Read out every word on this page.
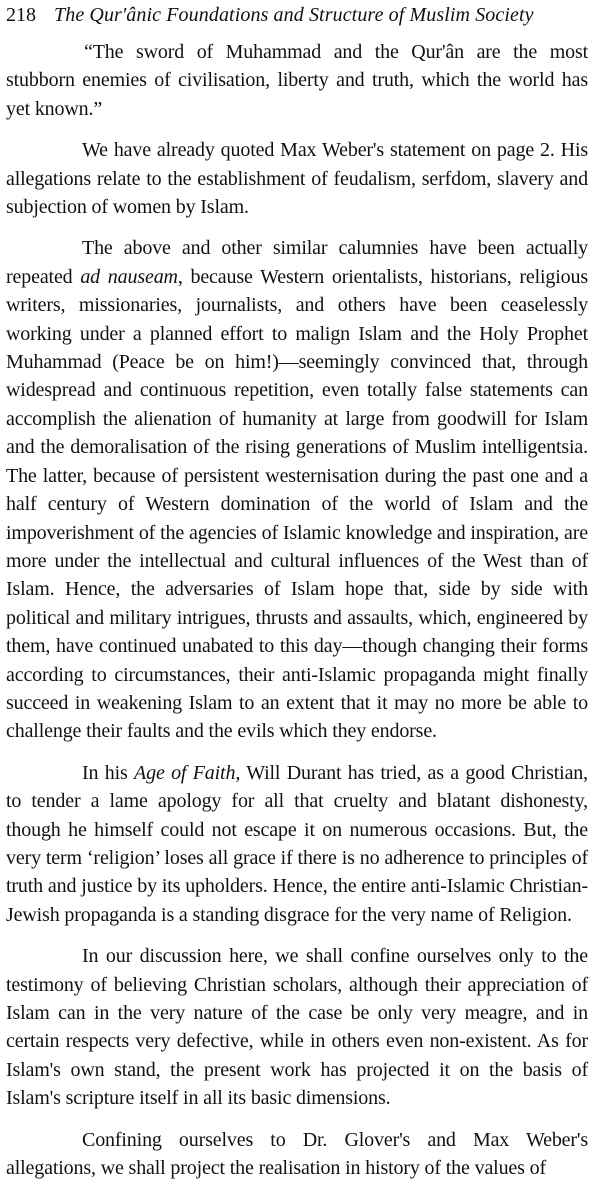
218 The Qur'ânic Foundations and Structure of Muslim Society

“The sword of Muhammad and the Qur'ân are the most stubborn enemies of civilisation, liberty and truth, which the world has yet known.”

We have already quoted Max Weber's statement on page 2. His allegations relate to the establishment of feudalism, serfdom, slavery and subjection of women by Islam.

The above and other similar calumnies have been actually repeated ad nauseam, because Western orientalists, historians, religious writers, missionaries, journalists, and others have been ceaselessly working under a planned effort to malign Islam and the Holy Prophet Muhammad (Peace be on him!)—seemingly convinced that, through widespread and continuous repetition, even totally false statements can accomplish the alienation of humanity at large from goodwill for Islam and the demoralisation of the rising generations of Muslim intelligentsia. The latter, because of persistent westernisation during the past one and a half century of Western domination of the world of Islam and the impoverishment of the agencies of Islamic knowledge and inspiration, are more under the intellectual and cultural influences of the West than of Islam. Hence, the adversaries of Islam hope that, side by side with political and military intrigues, thrusts and assaults, which, engineered by them, have continued unabated to this day—though changing their forms according to circumstances, their anti-Islamic propaganda might finally succeed in weakening Islam to an extent that it may no more be able to challenge their faults and the evils which they endorse.

In his Age of Faith, Will Durant has tried, as a good Christian, to tender a lame apology for all that cruelty and blatant dishonesty, though he himself could not escape it on numerous occasions. But, the very term ‘religion’ loses all grace if there is no adherence to principles of truth and justice by its upholders. Hence, the entire anti-Islamic Christian-Jewish propaganda is a standing disgrace for the very name of Religion.

In our discussion here, we shall confine ourselves only to the testimony of believing Christian scholars, although their appreciation of Islam can in the very nature of the case be only very meagre, and in certain respects very defective, while in others even non-existent. As for Islam's own stand, the present work has projected it on the basis of Islam's scripture itself in all its basic dimensions.

Confining ourselves to Dr. Glover's and Max Weber's allegations, we shall project the realisation in history of the values of
